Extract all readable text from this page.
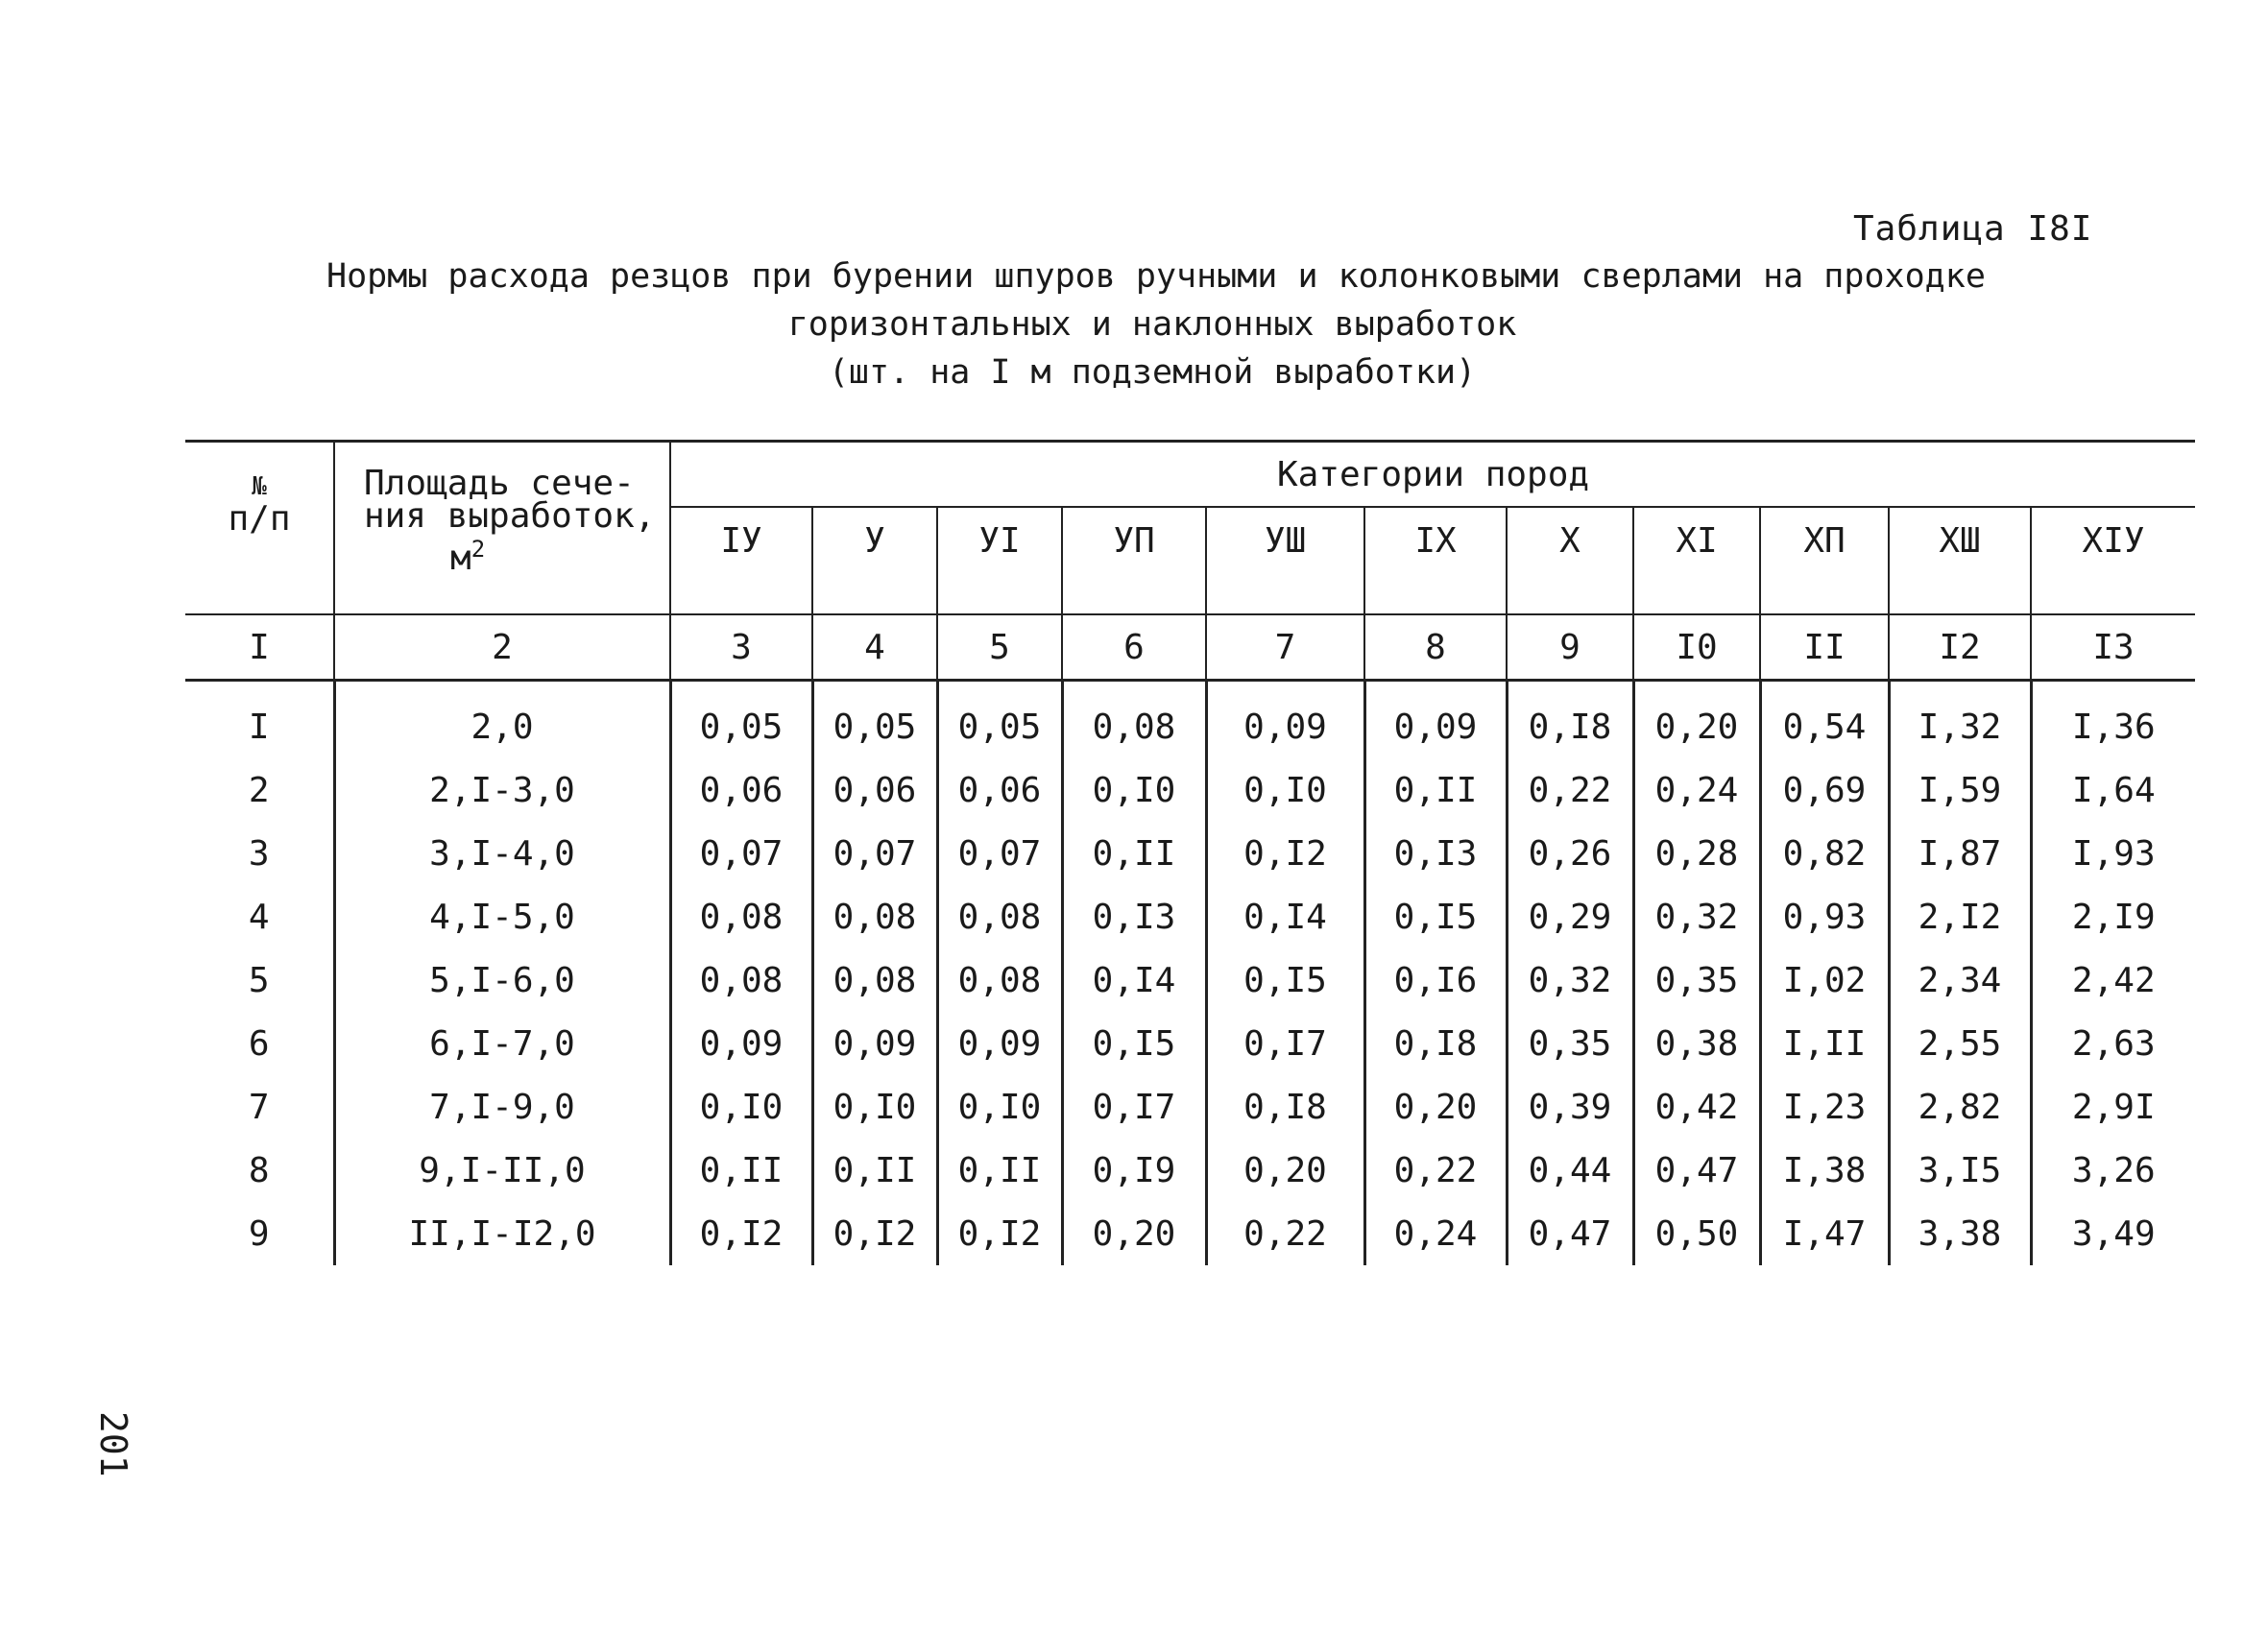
Таблица I8I
Нормы расхода резцов при бурении шпуров ручными и колонковыми сверлами на проходке
горизонтальных и наклонных выработок
(шт. на I м подземной выработки)
№
п/п	Площадь сече-
ния выработок,
$м^2$	Категории пород										
		IУ	У	УI	УП	УШ	IX	X	XI	XП	XШ	XIУ
I	2	3	4	5	6	7	8	9	I0	II	I2	I3
I	2,0	0,05	0,05	0,05	0,08	0,09	0,09	0,I8	0,20	0,54	I,32	I,36
2	2,I-3,0	0,06	0,06	0,06	0,I0	0,I0	0,II	0,22	0,24	0,69	I,59	I,64
3	3,I-4,0	0,07	0,07	0,07	0,II	0,I2	0,I3	0,26	0,28	0,82	I,87	I,93
4	4,I-5,0	0,08	0,08	0,08	0,I3	0,I4	0,I5	0,29	0,32	0,93	2,I2	2,I9
5	5,I-6,0	0,08	0,08	0,08	0,I4	0,I5	0,I6	0,32	0,35	I,02	2,34	2,42
6	6,I-7,0	0,09	0,09	0,09	0,I5	0,I7	0,I8	0,35	0,38	I,II	2,55	2,63
7	7,I-9,0	0,I0	0,I0	0,I0	0,I7	0,I8	0,20	0,39	0,42	I,23	2,82	2,9I
8	9,I-II,0	0,II	0,II	0,II	0,I9	0,20	0,22	0,44	0,47	I,38	3,I5	3,26
9	II,I-I2,0	0,I2	0,I2	0,I2	0,20	0,22	0,24	0,47	0,50	I,47	3,38	3,49
201
